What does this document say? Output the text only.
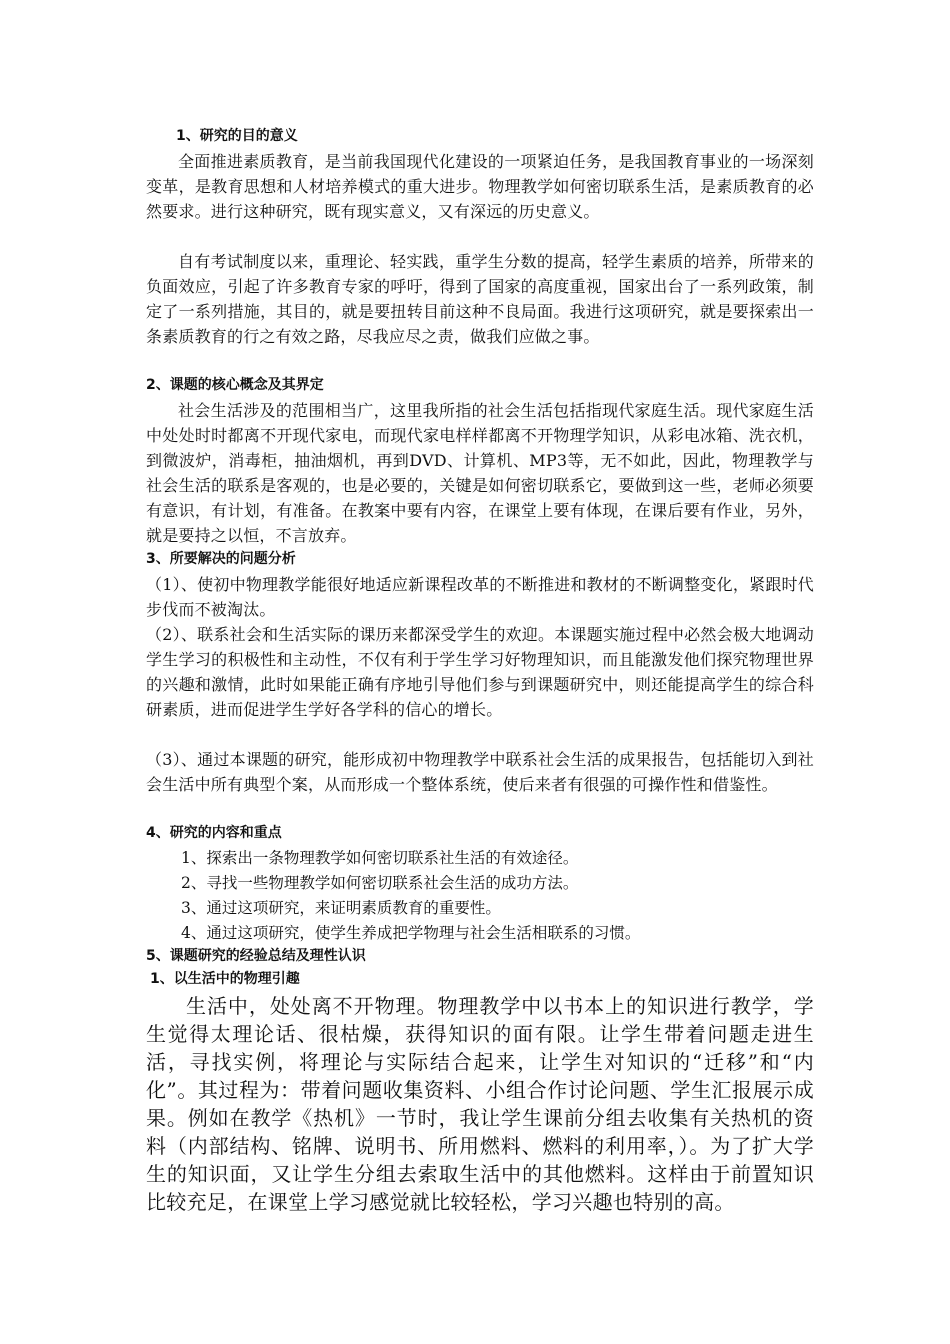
1、研究的目的意义
全面推进素质教育，是当前我国现代化建设的一项紧迫任务，是我国教育事业的一场深刻变革，是教育思想和人材培养模式的重大进步。物理教学如何密切联系生活，是素质教育的必然要求。进行这种研究，既有现实意义，又有深远的历史意义。
自有考试制度以来，重理论、轻实践，重学生分数的提高，轻学生素质的培养，所带来的负面效应，引起了许多教育专家的呼吁，得到了国家的高度重视，国家出台了一系列政策，制定了一系列措施，其目的，就是要扭转目前这种不良局面。我进行这项研究，就是要探索出一条素质教育的行之有效之路，尽我应尽之责，做我们应做之事。
2、课题的核心概念及其界定
社会生活涉及的范围相当广，这里我所指的社会生活包括指现代家庭生活。现代家庭生活中处处时时都离不开现代家电，而现代家电样样都离不开物理学知识，从彩电冰箱、洗衣机，到微波炉，消毒柜，抽油烟机，再到DVD、计算机、MP3等，无不如此，因此，物理教学与社会生活的联系是客观的，也是必要的，关键是如何密切联系它，要做到这一些，老师必须要有意识，有计划，有准备。在教案中要有内容，在课堂上要有体现，在课后要有作业，另外，就是要持之以恒，不言放弃。
3、所要解决的问题分析
（1）、使初中物理教学能很好地适应新课程改革的不断推进和教材的不断调整变化，紧跟时代步伐而不被淘汰。
（2）、联系社会和生活实际的课历来都深受学生的欢迎。本课题实施过程中必然会极大地调动学生学习的积极性和主动性，不仅有利于学生学习好物理知识，而且能激发他们探究物理世界的兴趣和激情，此时如果能正确有序地引导他们参与到课题研究中，则还能提高学生的综合科研素质，进而促进学生学好各学科的信心的增长。
（3）、通过本课题的研究，能形成初中物理教学中联系社会生活的成果报告，包括能切入到社会生活中所有典型个案，从而形成一个整体系统，使后来者有很强的可操作性和借鉴性。
4、研究的内容和重点
1、探索出一条物理教学如何密切联系社生活的有效途径。
2、寻找一些物理教学如何密切联系社会生活的成功方法。
3、通过这项研究，来证明素质教育的重要性。
4、通过这项研究，使学生养成把学物理与社会生活相联系的习惯。
5、课题研究的经验总结及理性认识
1、以生活中的物理引趣
生活中，处处离不开物理。物理教学中以书本上的知识进行教学，学生觉得太理论话、很枯燥，获得知识的面有限。让学生带着问题走进生活，寻找实例，将理论与实际结合起来，让学生对知识的“迁移”和“内化”。其过程为：带着问题收集资料、小组合作讨论问题、学生汇报展示成果。例如在教学《热机》一节时，我让学生课前分组去收集有关热机的资料（内部结构、铭牌、说明书、所用燃料、燃料的利用率，）。为了扩大学生的知识面，又让学生分组去索取生活中的其他燃料。这样由于前置知识比较充足，在课堂上学习感觉就比较轻松，学习兴趣也特别的高。
